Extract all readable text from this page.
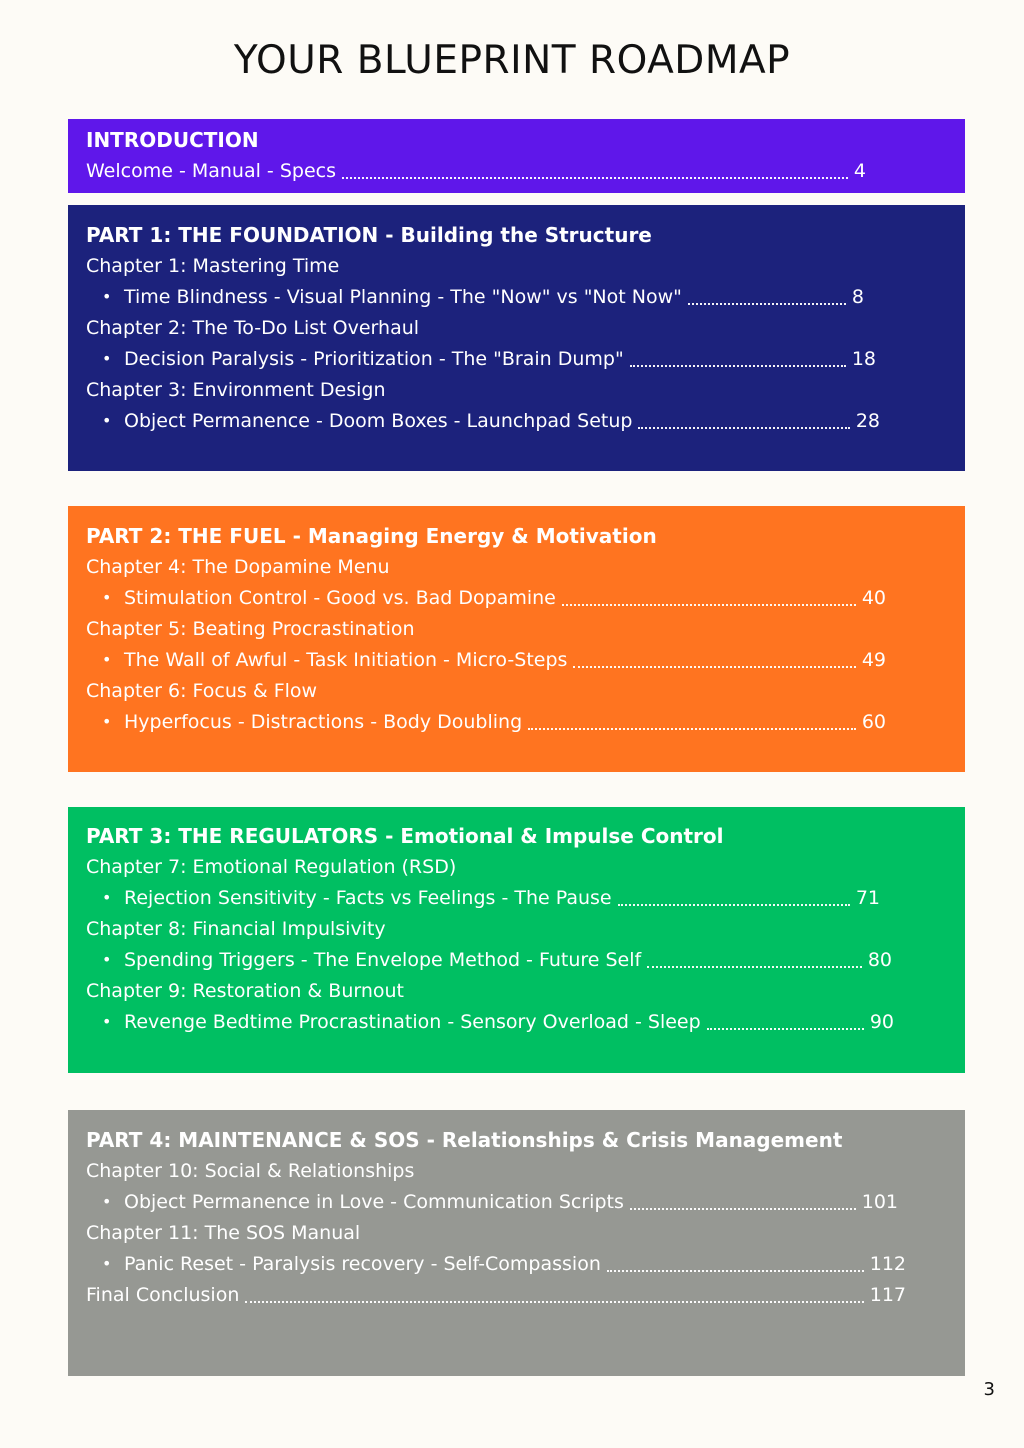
YOUR BLUEPRINT ROADMAP
INTRODUCTION
Welcome - Manual - Specs	4
PART 1: THE FOUNDATION - Building the Structure
Chapter 1: Mastering Time
• Time Blindness - Visual Planning - The "Now" vs "Not Now"	8
Chapter 2: The To-Do List Overhaul
• Decision Paralysis - Prioritization - The "Brain Dump"	18
Chapter 3: Environment Design
• Object Permanence - Doom Boxes - Launchpad Setup	28
PART 2: THE FUEL - Managing Energy & Motivation
Chapter 4: The Dopamine Menu
• Stimulation Control - Good vs. Bad Dopamine	40
Chapter 5: Beating Procrastination
• The Wall of Awful - Task Initiation - Micro-Steps	49
Chapter 6: Focus & Flow
• Hyperfocus - Distractions - Body Doubling	60
PART 3: THE REGULATORS - Emotional & Impulse Control
Chapter 7: Emotional Regulation (RSD)
• Rejection Sensitivity - Facts vs Feelings - The Pause	71
Chapter 8: Financial Impulsivity
• Spending Triggers - The Envelope Method - Future Self	80
Chapter 9: Restoration & Burnout
• Revenge Bedtime Procrastination - Sensory Overload - Sleep	90
PART 4: MAINTENANCE & SOS - Relationships & Crisis Management
Chapter 10: Social & Relationships
• Object Permanence in Love - Communication Scripts	101
Chapter 11: The SOS Manual
• Panic Reset - Paralysis recovery - Self-Compassion	112
Final Conclusion	117
3
